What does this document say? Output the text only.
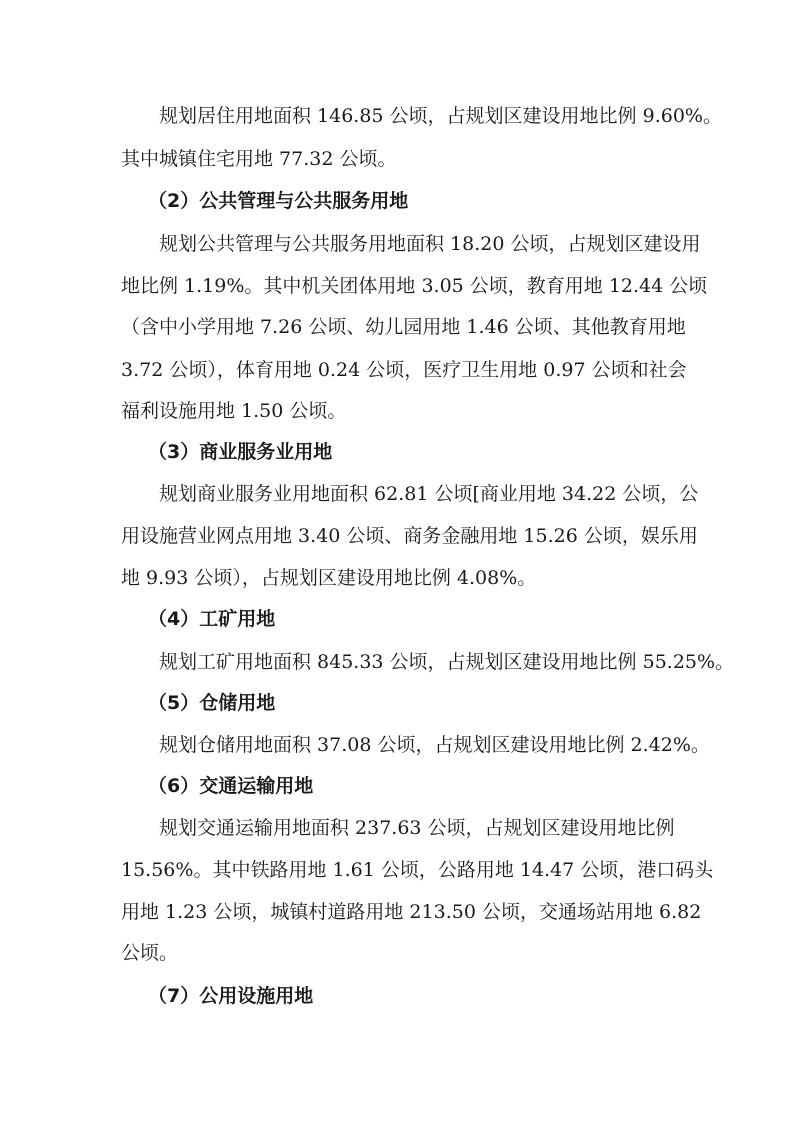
规划居住用地面积 146.85 公顷，占规划区建设用地比例 9.60%。
其中城镇住宅用地 77.32 公顷。
（2）公共管理与公共服务用地
规划公共管理与公共服务用地面积 18.20 公顷，占规划区建设用
地比例 1.19%。其中机关团体用地 3.05 公顷，教育用地 12.44 公顷
（含中小学用地 7.26 公顷、幼儿园用地 1.46 公顷、其他教育用地
3.72 公顷），体育用地 0.24 公顷，医疗卫生用地 0.97 公顷和社会
福利设施用地 1.50 公顷。
（3）商业服务业用地
规划商业服务业用地面积 62.81 公顷[商业用地 34.22 公顷，公
用设施营业网点用地 3.40 公顷、商务金融用地 15.26 公顷，娱乐用
地 9.93 公顷），占规划区建设用地比例 4.08%。
（4）工矿用地
规划工矿用地面积 845.33 公顷，占规划区建设用地比例 55.25%。
（5）仓储用地
规划仓储用地面积 37.08 公顷，占规划区建设用地比例 2.42%。
（6）交通运输用地
规划交通运输用地面积 237.63 公顷，占规划区建设用地比例
15.56%。其中铁路用地 1.61 公顷，公路用地 14.47 公顷，港口码头
用地 1.23 公顷，城镇村道路用地 213.50 公顷，交通场站用地 6.82
公顷。
（7）公用设施用地
